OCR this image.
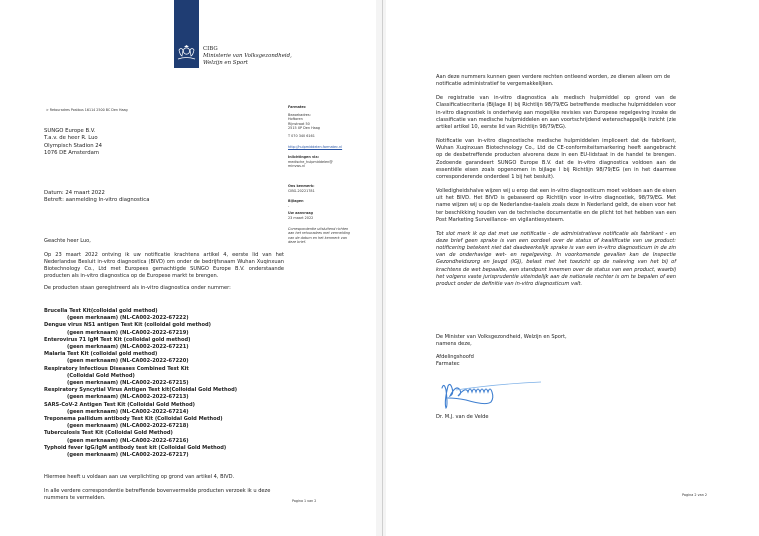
CIBG
Ministerie van Volksgezondheid,
Welzijn en Sport
> Retouradres Postbus 16114 2500 BC Den Haag
SUNGO Europe B.V.
T.a.v. de heer R. Luo
Olympisch Stadion 24
1076 DE Amsterdam
Datum: 24 maart 2022
Betreft: aanmelding In-vitro diagnostica
Farmatec
Bezoekadres:
Hoftoren
Rijnstraat 50
2515 XP Den Haag
T 070 340 6161
http://hulpmiddelen.farmatec.nl
Inlichtingen via:
medische_hulpmiddelen@
minvws.nl
Ons kenmerk:
CIBG-20221781
Bijlagen
-
Uw aanvraag
23 maart 2022
Correspondentie uitsluitend richten aan het retouradres met vermelding van de datum en het kenmerk van deze brief.

Geachte heer Luo,

Op 23 maart 2022 ontving ik uw notificatie krachtens artikel 4, eerste lid van het Nederlandse Besluit in-vitro diagnostica (BIVD) om onder de bedrijfsnaam Wuhan Xuqinxuan Biotechnology Co., Ltd met Europees gemachtigde SUNGO Europe B.V. onderstaande producten als in-vitro diagnostica op de Europese markt te brengen.

De producten staan geregistreerd als in-vitro diagnostica onder nummer:

Brucella Test Kit(colloidal gold method)
(geen merknaam) (NL-CA002-2022-67222)
Dengue virus NS1 antigen Test Kit (colloidal gold method)
(geen merknaam) (NL-CA002-2022-67219)
Enterovirus 71 IgM Test Kit (colloidal gold method)
(geen merknaam) (NL-CA002-2022-67221)
Malaria Test Kit (colloidal gold method)
(geen merknaam) (NL-CA002-2022-67220)
Respiratory Infectious Diseases Combined Test Kit
(Colloidal Gold Method)
(geen merknaam) (NL-CA002-2022-67215)
Respiratory Syncytial Virus Antigen Test kit(Colloidal Gold Method)
(geen merknaam) (NL-CA002-2022-67213)
SARS-CoV-2 Antigen Test Kit (Colloidal Gold Method)
(geen merknaam) (NL-CA002-2022-67214)
Treponema pallidum antibody Test Kit (Colloidal Gold Method)
(geen merknaam) (NL-CA002-2022-67218)
Tuberculosis Test Kit (Colloidal Gold Method)
(geen merknaam) (NL-CA002-2022-67216)
Typhoid fever IgG/IgM antibody test kit (Colloidal Gold Method)
(geen merknaam) (NL-CA002-2022-67217)

Hiermee heeft u voldaan aan uw verplichting op grond van artikel 4, BIVD.

In alle verdere correspondentie betreffende bovenvermelde producten verzoek ik u deze nummers te vermelden.	Pagina 1 van 2

Aan deze nummers kunnen geen verdere rechten ontleend worden, ze dienen alleen om de notificatie administratief te vergemakkelijken.

De registratie van in-vitro diagnostica als medisch hulpmiddel op grond van de Classificatiecriteria (Bijlage II) bij Richtlijn 98/79/EG betreffende medische hulpmiddelen voor in-vitro diagnostiek is onderhevig aan mogelijke revisies van Europese regelgeving inzake de classificatie van medische hulpmiddelen en aan voortschrijdend wetenschappelijk inzicht (zie artikel artikel 10, eerste lid van Richtlijn 98/79/EG).

Notificatie van in-vitro diagnostische medische hulpmiddelen impliceert dat de fabrikant, Wuhan Xuqinxuan Biotechnology Co., Ltd de CE-conformiteitsmarkering heeft aangebracht op de desbetreffende producten alvorens deze in een EU-lidstaat in de handel te brengen. Zodoende garandeert SUNGO Europe B.V. dat de in-vitro diagnostica voldoen aan de essentiële eisen zoals opgenomen in bijlage I bij Richtlijn 98/79/EG (en in het daarmee corresponderende onderdeel 1 bij het besluit).

Volledigheidshalve wijzen wij u erop dat een in-vitro diagnosticum moet voldoen aan de eisen uit het BIVD. Het BIVD is gebaseerd op Richtlijn voor in-vitro diagnostiek, 98/79/EG. Met name wijzen wij u op de Nederlandse-taaleis zoals deze in Nederland geldt, de eisen voor het ter beschikking houden van de technische documentatie en de plicht tot het hebben van een Post Marketing Surveillance- en vigilantiesysteem.

Tot slot merk ik op dat met uw notificatie - de administratieve notificatie als fabrikant - en deze brief geen sprake is van een oordeel over de status of kwalificatie van uw product: notificering betekent niet dat daadwerkelijk sprake is van een in-vitro diagnosticum in de zin van de onderhavige wet- en regelgeving. In voorkomende gevallen kan de Inspectie Gezondheidszorg en Jeugd (IGJ), belast met het toezicht op de naleving van het bij of krachtens de wet bepaalde, een standpunt innemen over de status van een product, waarbij het volgens vaste jurisprudentie uiteindelijk aan de nationale rechter is om te bepalen of een product onder de definitie van in-vitro diagnosticum valt.

De Minister van Volksgezondheid, Welzijn en Sport,
namens deze,

Afdelingshoofd
Farmatec

Dr. M.J. van de Velde
Pagina 2 van 2
